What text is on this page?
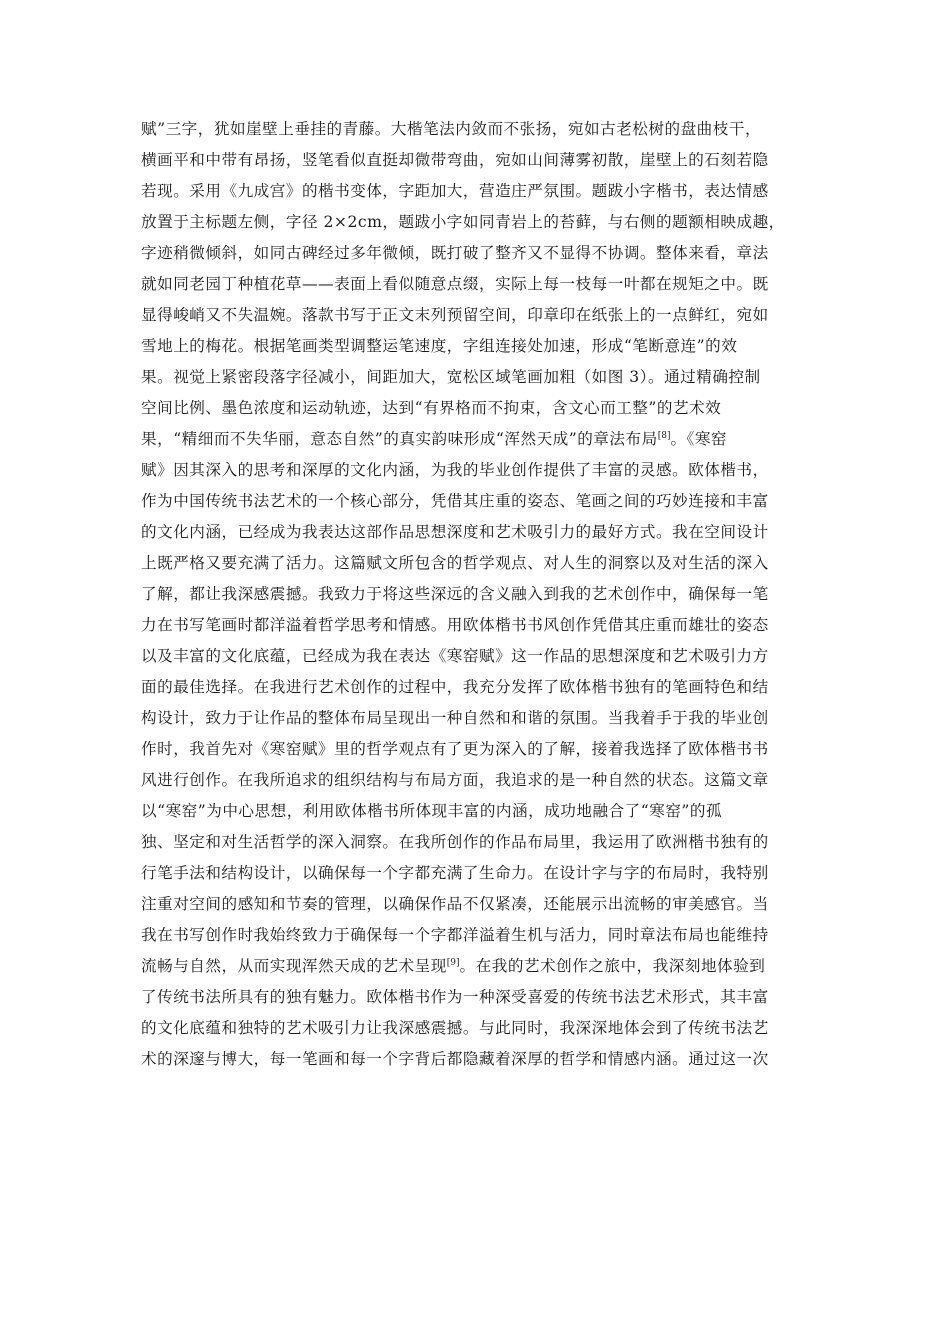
赋”三字，犹如崖壁上垂挂的青藤。大楷笔法内敛而不张扬，宛如古老松树的盘曲枝干，
横画平和中带有昂扬，竖笔看似直挺却微带弯曲，宛如山间薄雾初散，崖壁上的石刻若隐
若现。采用《九成宫》的楷书变体，字距加大，营造庄严氛围。题跋小字楷书，表达情感
放置于主标题左侧，字径 2×2cm，题跋小字如同青岩上的苔藓，与右侧的题额相映成趣，
字迹稍微倾斜，如同古碑经过多年微倾，既打破了整齐又不显得不协调。整体来看，章法
就如同老园丁种植花草——表面上看似随意点缀，实际上每一枝每一叶都在规矩之中。既
显得峻峭又不失温婉。落款书写于正文末列预留空间，印章印在纸张上的一点鲜红，宛如
雪地上的梅花。根据笔画类型调整运笔速度，字组连接处加速，形成“笔断意连”的效
果。视觉上紧密段落字径减小，间距加大，宽松区域笔画加粗（如图 3）。通过精确控制
空间比例、墨色浓度和运动轨迹，达到“有界格而不拘束，含文心而工整”的艺术效
果，“精细而不失华丽，意态自然”的真实韵味形成“浑然天成”的章法布局[8]。《寒窑
赋》因其深入的思考和深厚的文化内涵，为我的毕业创作提供了丰富的灵感。欧体楷书，
作为中国传统书法艺术的一个核心部分，凭借其庄重的姿态、笔画之间的巧妙连接和丰富
的文化内涵，已经成为我表达这部作品思想深度和艺术吸引力的最好方式。我在空间设计
上既严格又要充满了活力。这篇赋文所包含的哲学观点、对人生的洞察以及对生活的深入
了解，都让我深感震撼。我致力于将这些深远的含义融入到我的艺术创作中，确保每一笔
力在书写笔画时都洋溢着哲学思考和情感。用欧体楷书书风创作凭借其庄重而雄壮的姿态
以及丰富的文化底蕴，已经成为我在表达《寒窑赋》这一作品的思想深度和艺术吸引力方
面的最佳选择。在我进行艺术创作的过程中，我充分发挥了欧体楷书独有的笔画特色和结
构设计，致力于让作品的整体布局呈现出一种自然和和谐的氛围。当我着手于我的毕业创
作时，我首先对《寒窑赋》里的哲学观点有了更为深入的了解，接着我选择了欧体楷书书
风进行创作。在我所追求的组织结构与布局方面，我追求的是一种自然的状态。这篇文章
以“寒窑”为中心思想，利用欧体楷书所体现丰富的内涵，成功地融合了“寒窑”的孤
独、坚定和对生活哲学的深入洞察。在我所创作的作品布局里，我运用了欧洲楷书独有的
行笔手法和结构设计，以确保每一个字都充满了生命力。在设计字与字的布局时，我特别
注重对空间的感知和节奏的管理，以确保作品不仅紧凑，还能展示出流畅的审美感官。当
我在书写创作时我始终致力于确保每一个字都洋溢着生机与活力，同时章法布局也能维持
流畅与自然，从而实现浑然天成的艺术呈现[9]。在我的艺术创作之旅中，我深刻地体验到
了传统书法所具有的独有魅力。欧体楷书作为一种深受喜爱的传统书法艺术形式，其丰富
的文化底蕴和独特的艺术吸引力让我深感震撼。与此同时，我深深地体会到了传统书法艺
术的深邃与博大，每一笔画和每一个字背后都隐藏着深厚的哲学和情感内涵。通过这一次
